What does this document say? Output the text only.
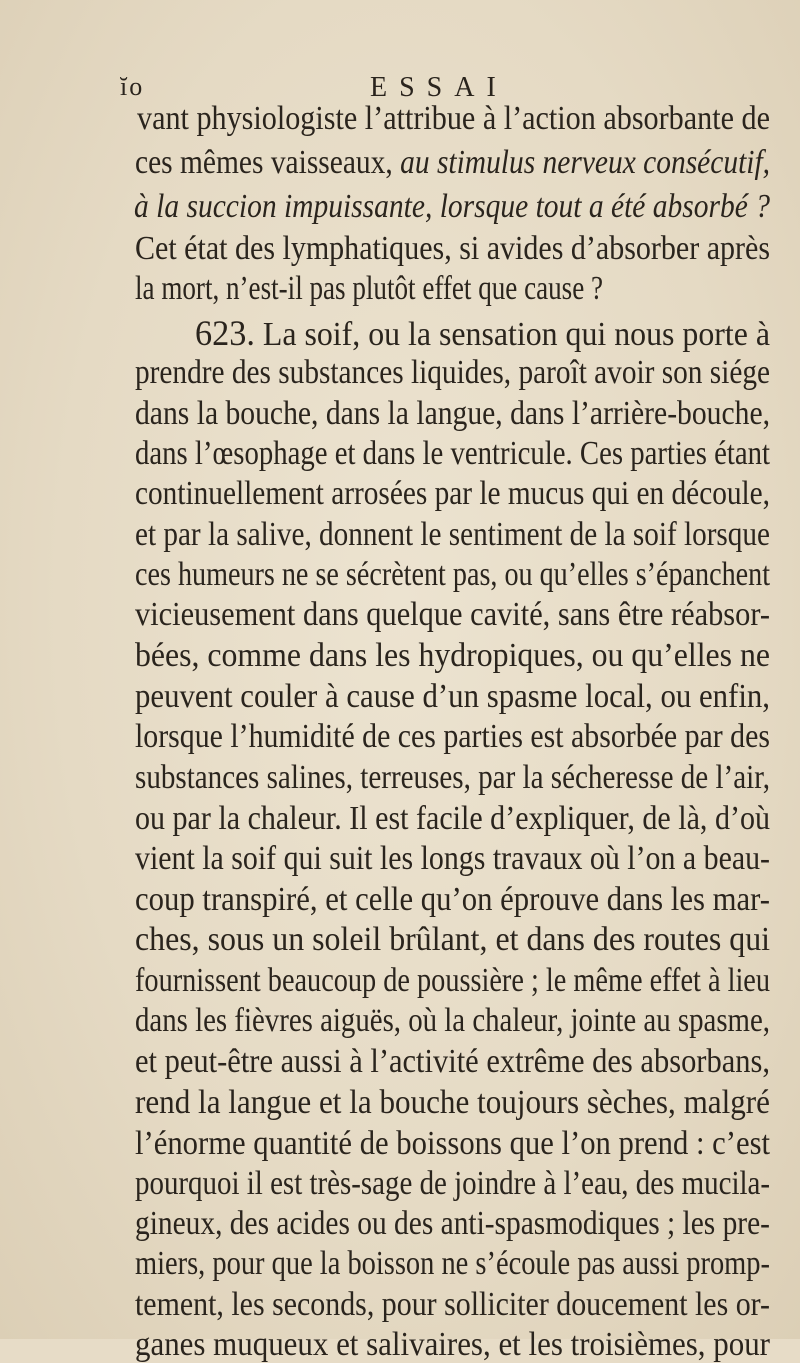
ĭo	ESSAI
vant physiologiste l’attribue à l’action absorbante de
ces mêmes vaisseaux, au stimulus nerveux consécutif,
à la succion impuissante, lorsque tout a été absorbé ?
Cet état des lymphatiques, si avides d’absorber après
la mort, n’est-il pas plutôt effet que cause ?
623. La soif, ou la sensation qui nous porte à
prendre des substances liquides, paroît avoir son siége
dans la bouche, dans la langue, dans l’arrière-bouche,
dans l’œsophage et dans le ventricule. Ces parties étant
continuellement arrosées par le mucus qui en découle,
et par la salive, donnent le sentiment de la soif lorsque
ces humeurs ne se sécrètent pas, ou qu’elles s’épanchent
vicieusement dans quelque cavité, sans être réabsor-
bées, comme dans les hydropiques, ou qu’elles ne
peuvent couler à cause d’un spasme local, ou enfin,
lorsque l’humidité de ces parties est absorbée par des
substances salines, terreuses, par la sécheresse de l’air,
ou par la chaleur. Il est facile d’expliquer, de là, d’où
vient la soif qui suit les longs travaux où l’on a beau-
coup transpiré, et celle qu’on éprouve dans les mar-
ches, sous un soleil brûlant, et dans des routes qui
fournissent beaucoup de poussière ; le même effet à lieu
dans les fièvres aiguës, où la chaleur, jointe au spasme,
et peut-être aussi à l’activité extrême des absorbans,
rend la langue et la bouche toujours sèches, malgré
l’énorme quantité de boissons que l’on prend : c’est
pourquoi il est très-sage de joindre à l’eau, des mucila-
gineux, des acides ou des anti-spasmodiques ; les pre-
miers, pour que la boisson ne s’écoule pas aussi promp-
tement, les seconds, pour solliciter doucement les or-
ganes muqueux et salivaires, et les troisièmes, pour
